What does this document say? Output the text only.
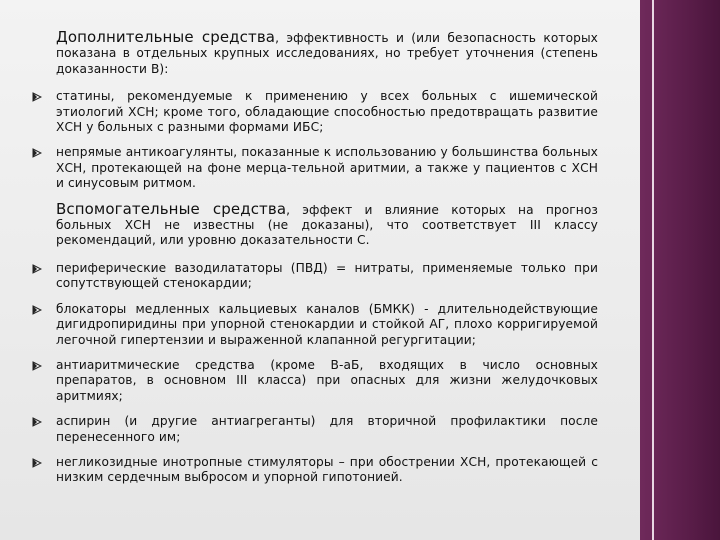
Дополнительные средства, эффективность и (или безопасность которых показана в отдельных крупных исследованиях, но требует уточнения (степень доказанности В):

статины, рекомендуемые к применению у всех больных с ишемической этиологий ХСН; кроме того, обладающие способностью предотвращать развитие ХСН у больных с разными формами ИБС;
непрямые антикоагулянты, показанные к использованию у большинства больных ХСН, протекающей на фоне мерца-тельной аритмии, а также у пациентов с ХСН и синусовым ритмом.

Вспомогательные средства, эффект и влияние которых на прогноз больных ХСН не известны (не доказаны), что соответствует III классу рекомендаций, или уровню доказательности С.

периферические вазодилататоры (ПВД) = нитраты, применяемые только при сопутствующей стенокардии;
блокаторы медленных кальциевых каналов (БМКК) - длительнодействующие дигидропиридины при упорной стенокардии и стойкой АГ, плохо корригируемой легочной гипертензии и выраженной клапанной регургитации;
антиаритмические средства (кроме В-аБ, входящих в число основных препаратов, в основном III класса) при опасных для жизни желудочковых аритмиях;
аспирин (и другие антиагреганты) для вторичной профилактики после перенесенного им;
негликозидные инотропные стимуляторы – при обострении ХСН, протекающей с низким сердечным выбросом и упорной гипотонией.
